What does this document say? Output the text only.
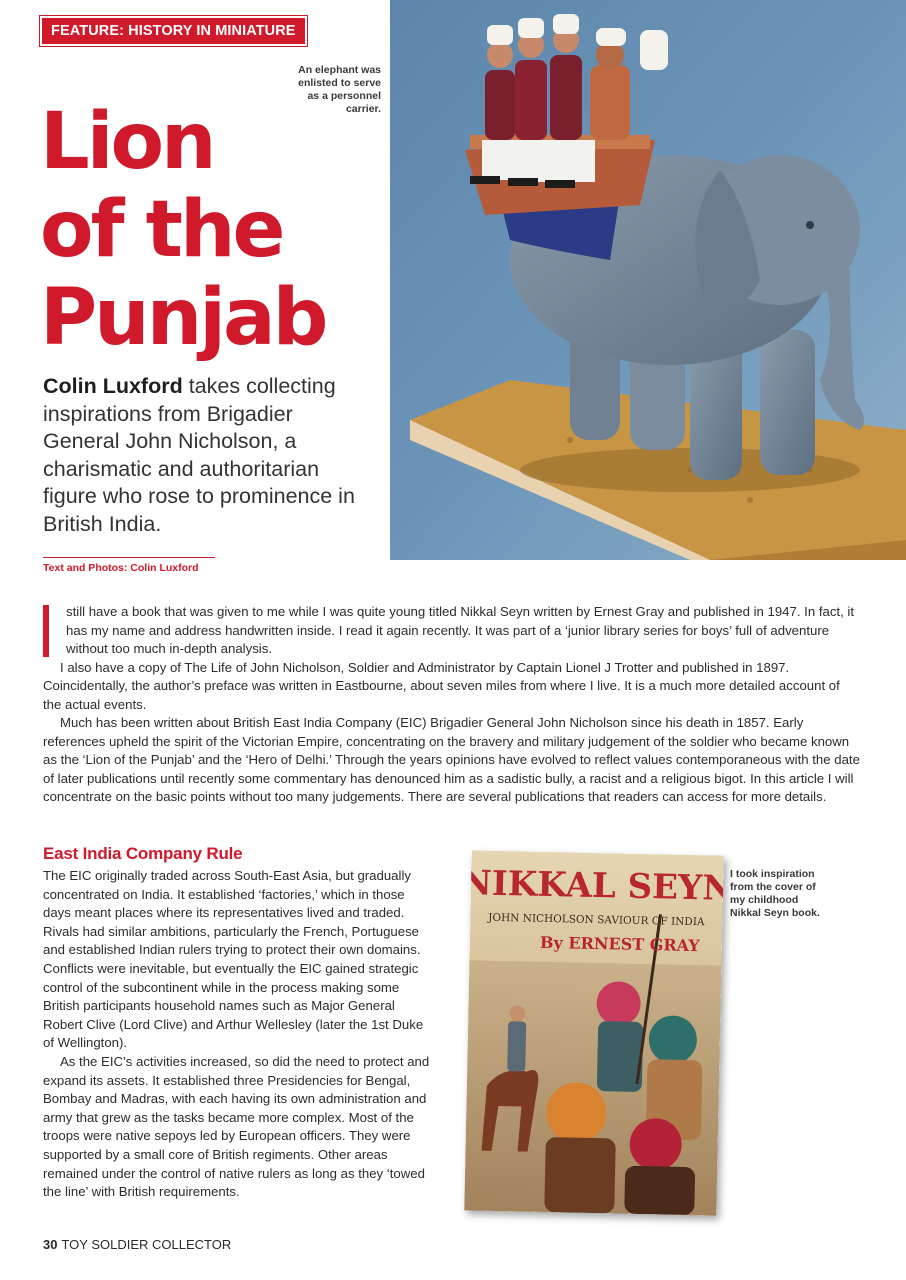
FEATURE: HISTORY IN MINIATURE
An elephant was
enlisted to serve
as a personnel
carrier.
Lion
of the
Punjab

Colin Luxford takes collecting inspirations from Brigadier General John Nicholson, a charismatic and authoritarian figure who rose to prominence in British India.

Text and Photos: Colin Luxford

still have a book that was given to me while I was quite young titled Nikkal Seyn written by Ernest Gray and published in 1947. In fact, it has my name and address handwritten inside. I read it again recently. It was part of a ‘junior library series for boys’ full of adventure without too much in-depth analysis.

I also have a copy of The Life of John Nicholson, Soldier and Administrator by Captain Lionel J Trotter and published in 1897. Coincidentally, the author’s preface was written in Eastbourne, about seven miles from where I live. It is a much more detailed account of the actual events.

Much has been written about British East India Company (EIC) Brigadier General John Nicholson since his death in 1857. Early references upheld the spirit of the Victorian Empire, concentrating on the bravery and military judgement of the soldier who became known as the ‘Lion of the Punjab’ and the ‘Hero of Delhi.’ Through the years opinions have evolved to reflect values contemporaneous with the date of later publications until recently some commentary has denounced him as a sadistic bully, a racist and a religious bigot. In this article I will concentrate on the basic points without too many judgements. There are several publications that readers can access for more details.

East India Company Rule

The EIC originally traded across South-East Asia, but gradually concentrated on India. It established ‘factories,’ which in those days meant places where its representatives lived and traded. Rivals had similar ambitions, particularly the French, Portuguese and established Indian rulers trying to protect their own domains. Conflicts were inevitable, but eventually the EIC gained strategic control of the subcontinent while in the process making some British participants household names such as Major General Robert Clive (Lord Clive) and Arthur Wellesley (later the 1st Duke of Wellington).

As the EIC’s activities increased, so did the need to protect and expand its assets. It established three Presidencies for Bengal, Bombay and Madras, with each having its own administration and army that grew as the tasks became more complex. Most of the troops were native sepoys led by European officers. They were supported by a small core of British regiments. Other areas remained under the control of native rulers as long as they ‘towed the line’ with British requirements.

NIKKAL SEYN
JOHN NICHOLSON SAVIOUR OF INDIA
By ERNEST GRAY
I took inspiration
from the cover of
my childhood
Nikkal Seyn book.
30 TOY SOLDIER COLLECTOR
